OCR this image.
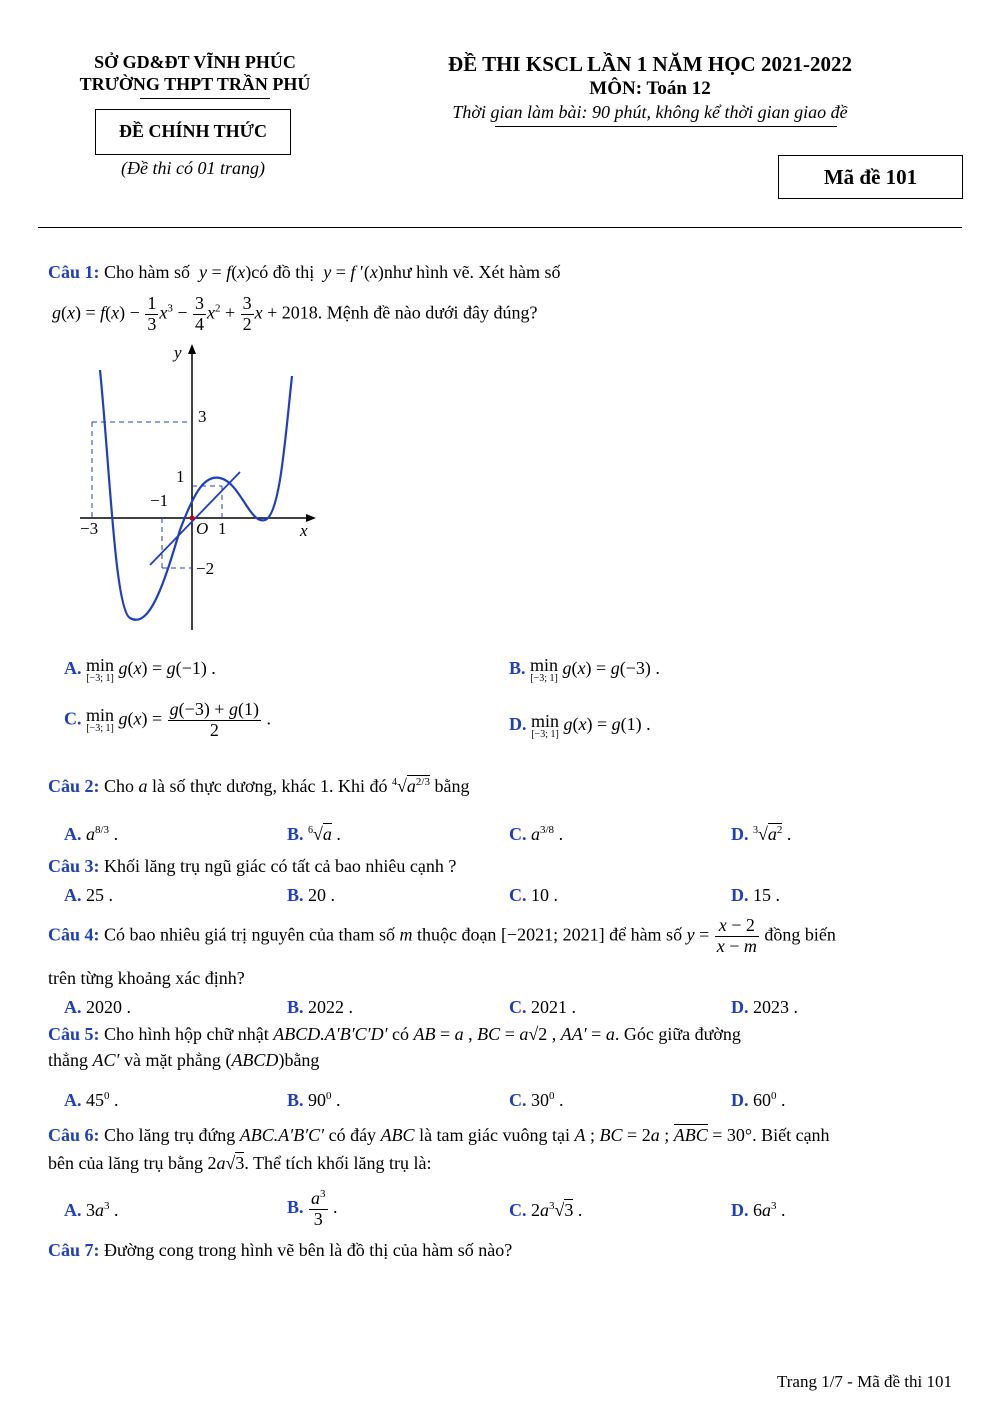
SỞ GD&ĐT VĨNH PHÚC
TRƯỜNG THPT TRẦN PHÚ
ĐỀ CHÍNH THỨC
(Đề thi có 01 trang)
ĐỀ THI KSCL LẦN 1 NĂM HỌC 2021-2022
MÔN: Toán 12
Thời gian làm bài: 90 phút, không kể thời gian giao đề
Mã đề 101
Câu 1: Cho hàm số  y = f(x)có đồ thị  y = f ′(x)như hình vẽ. Xét hàm số
$g(x) = f(x) - \frac{1}{3} x^3 - \frac{3}{4} x^2 + \frac{3}{2}$ x + 2018. Mệnh đề nào dưới đây đúng?
y
x
O
3
1
−1
−3	1
−2
A. min
[−3; 1]
g(x) = g(−1) .	B. min
[−3; 1]
g(x) = g(−3) .
C. min
[−3; 1]
$g(x) = \frac{g(-3) + g(1)}{2}$ .	D. min
[−3; 1]
g(x) = g(1) .
Câu 2: Cho a là số thực dương, khác 1. Khi đó $^4√a^{2/3}$ bằng
A. $a^{8/3}$ .	B. $^6$√a .	C. $a^{3/8}$ .	D. $^3√a^2$ .
Câu 3: Khối lăng trụ ngũ giác có tất cả bao nhiêu cạnh ?
A. 25 .	B. 20 .	C. 10 .	D. 15 .
Câu 4: Có bao nhiêu giá trị nguyên của tham số m thuộc đoạn [−2021; 2021] để hàm số $y = \frac{x - 2}{x - m}$ đồng biến
trên từng khoảng xác định?
A. 2020 .	B. 2022 .	C. 2021 .	D. 2023 .
Câu 5: Cho hình hộp chữ nhật ABCD.A′B′C′D′ có AB = a , BC = a√2 , AA′ = a. Góc giữa đường
thẳng AC′ và mặt phẳng (ABCD)bằng
A. $45^0$ .	B. $90^0$ .	C. $30^0$ .	D. $60^0$ .
Câu 6: Cho lăng trụ đứng ABC.A′B′C′ có đáy ABC là tam giác vuông tại A ; BC = 2a ; ABC = 30°. Biết cạnh
bên của lăng trụ bằng 2a√3. Thể tích khối lăng trụ là:
A. $3a^3$ .	B. $\frac{a^3}{3}$ .	C. $2a^3√3$ .	D. $6a^3$ .
Câu 7: Đường cong trong hình vẽ bên là đồ thị của hàm số nào?
Trang 1/7 - Mã đề thi 101
